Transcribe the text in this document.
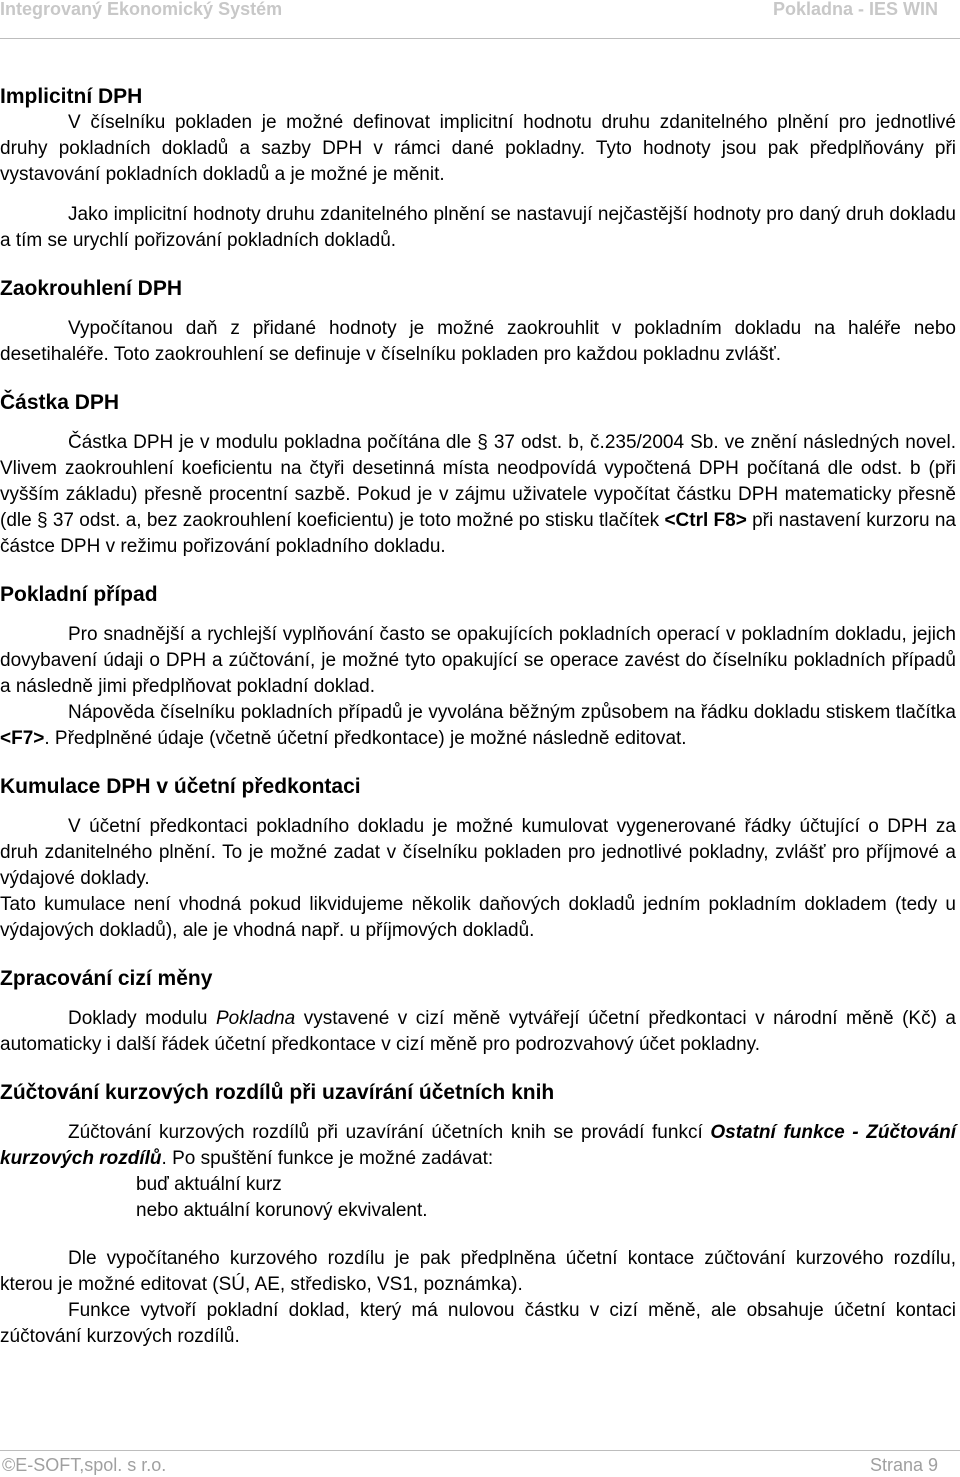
Integrovaný Ekonomický Systém	Pokladna - IES WIN
Implicitní DPH

V číselníku pokladen je možné definovat implicitní hodnotu druhu zdanitelného plnění pro jednotlivé druhy pokladních dokladů a sazby DPH v rámci dané pokladny. Tyto hodnoty jsou pak předplňovány při vystavování pokladních dokladů a je možné je měnit.

Jako implicitní hodnoty druhu zdanitelného plnění se nastavují nejčastější hodnoty pro daný druh dokladu a tím se urychlí pořizování pokladních dokladů.

Zaokrouhlení DPH

Vypočítanou daň z přidané hodnoty je možné zaokrouhlit v pokladním dokladu na haléře nebo desetihaléře. Toto zaokrouhlení se definuje v číselníku pokladen pro každou pokladnu zvlášť.

Částka DPH

Částka DPH je v modulu pokladna počítána dle § 37 odst. b, č.235/2004 Sb. ve znění následných novel. Vlivem zaokrouhlení koeficientu na čtyři desetinná místa neodpovídá vypočtená DPH počítaná dle odst. b (při vyšším základu) přesně procentní sazbě. Pokud je v zájmu uživatele vypočítat částku DPH matematicky přesně (dle § 37 odst. a, bez zaokrouhlení koeficientu) je toto možné po stisku tlačítek <Ctrl F8> při nastavení kurzoru na částce DPH v režimu pořizování pokladního dokladu.

Pokladní případ

Pro snadnější a rychlejší vyplňování často se opakujících pokladních operací v pokladním dokladu, jejich dovybavení údaji o DPH a zúčtování, je možné tyto opakující se operace zavést do číselníku pokladních případů a následně jimi předplňovat pokladní doklad.

Nápověda číselníku pokladních případů je vyvolána běžným způsobem na řádku dokladu stiskem tlačítka <F7>. Předplněné údaje (včetně účetní předkontace) je možné následně editovat.

Kumulace DPH v účetní předkontaci

V účetní předkontaci pokladního dokladu je možné kumulovat vygenerované řádky účtující o DPH za druh zdanitelného plnění. To je možné zadat v číselníku pokladen pro jednotlivé pokladny, zvlášť pro příjmové a výdajové doklady.

Tato kumulace není vhodná pokud likvidujeme několik daňových dokladů jedním pokladním dokladem (tedy u výdajových dokladů), ale je vhodná např. u příjmových dokladů.

Zpracování cizí měny

Doklady modulu Pokladna vystavené v cizí měně vytvářejí účetní předkontaci v národní měně (Kč) a automaticky i další řádek účetní předkontace v cizí měně pro podrozvahový účet pokladny.

Zúčtování kurzových rozdílů při uzavírání účetních knih

Zúčtování kurzových rozdílů při uzavírání účetních knih se provádí funkcí Ostatní funkce - Zúčtování kurzových rozdílů. Po spuštění funkce je možné zadávat:

buď aktuální kurz

nebo aktuální korunový ekvivalent.

Dle vypočítaného kurzového rozdílu je pak předplněna účetní kontace zúčtování kurzového rozdílu, kterou je možné editovat (SÚ, AE, středisko, VS1, poznámka).

Funkce vytvoří pokladní doklad, který má nulovou částku v cizí měně, ale obsahuje účetní kontaci zúčtování kurzových rozdílů.

©E-SOFT,spol. s r.o.	Strana 9
